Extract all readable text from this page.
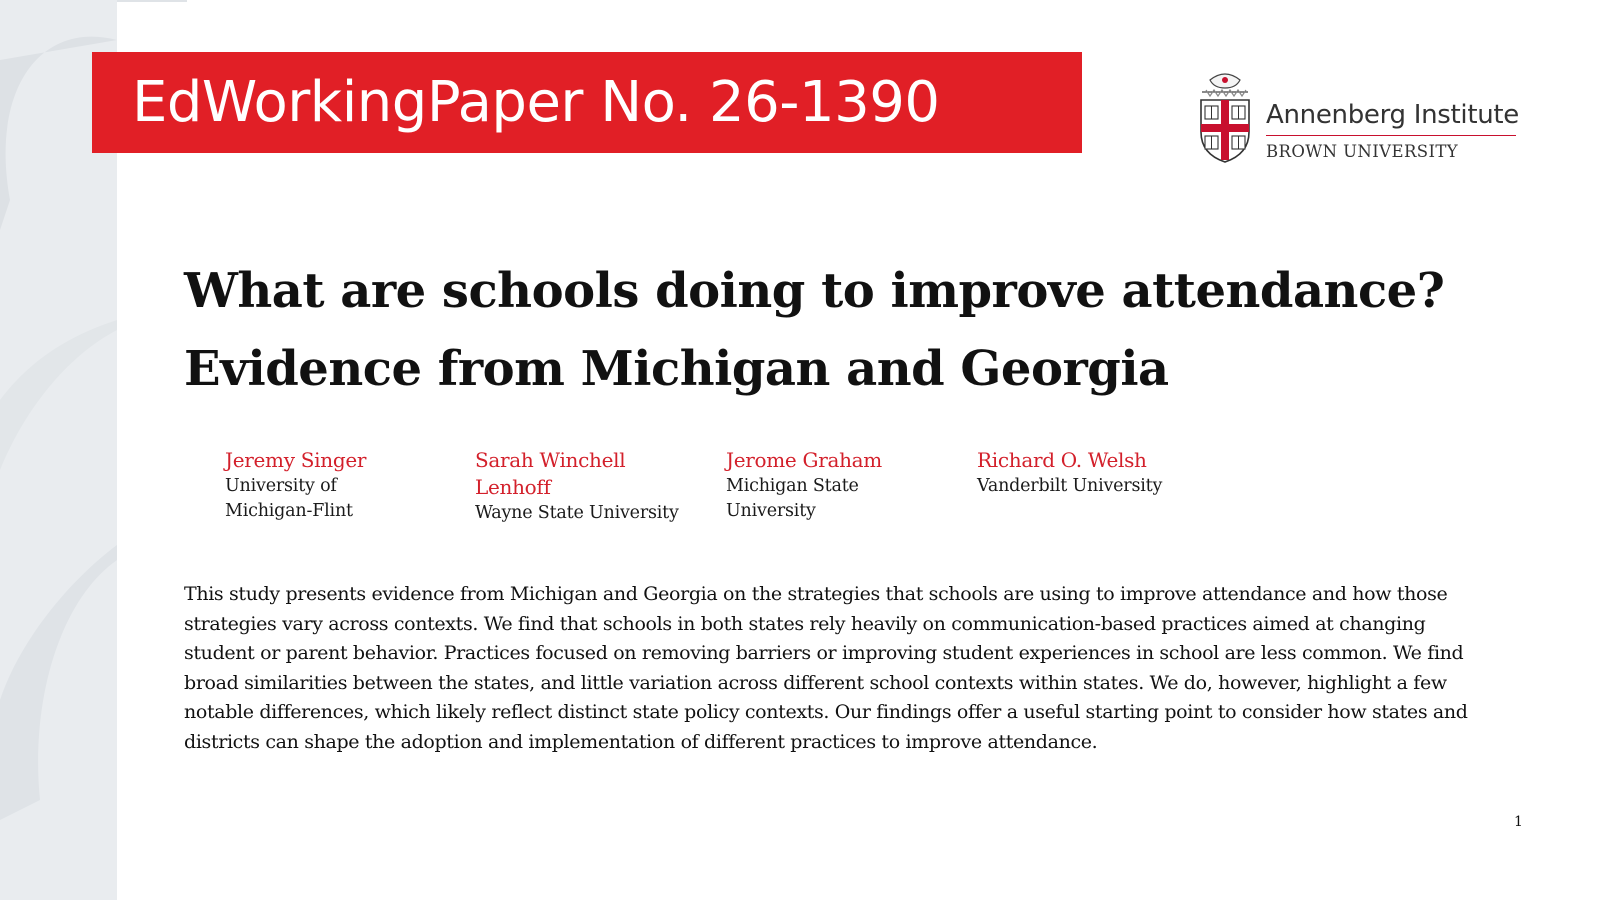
EdWorkingPaper No. 26-1390	Annenberg Institute
BROWN UNIVERSITY
What are schools doing to improve attendance?
Evidence from Michigan and Georgia
Jeremy Singer
University of
Michigan-Flint
Sarah Winchell
Lenhoff
Wayne State University
Jerome Graham
Michigan State
University
Richard O. Welsh
Vanderbilt University
This study presents evidence from Michigan and Georgia on the strategies that schools are using to improve attendance and how those
strategies vary across contexts. We find that schools in both states rely heavily on communication-based practices aimed at changing
student or parent behavior. Practices focused on removing barriers or improving student experiences in school are less common. We find
broad similarities between the states, and little variation across different school contexts within states. We do, however, highlight a few
notable differences, which likely reflect distinct state policy contexts. Our findings offer a useful starting point to consider how states and
districts can shape the adoption and implementation of different practices to improve attendance.
1
